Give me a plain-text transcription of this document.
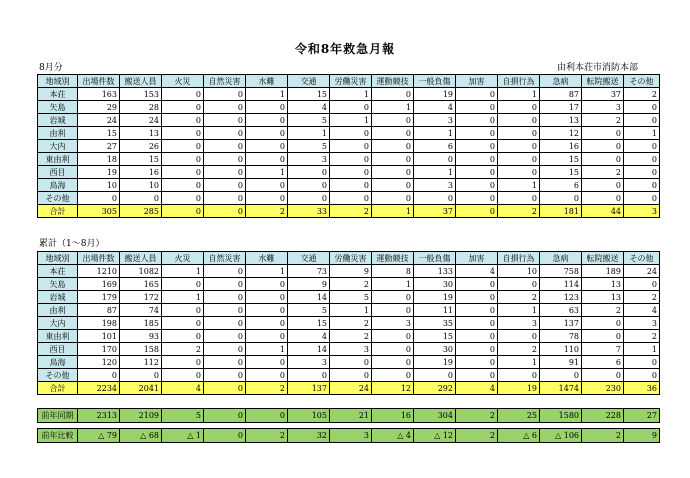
令和8年救急月報
8月分	由利本荘市消防本部
地域別	出場件数	搬送人員	火災	自然災害	水難	交通	労働災害	運動競技	一般負傷	加害	自損行為	急病	転院搬送	その他
本荘	163	153	0	0	1	15	1	0	19	0	1	87	37	2
矢島	29	28	0	0	0	4	0	1	4	0	0	17	3	0
岩城	24	24	0	0	0	5	1	0	3	0	0	13	2	0
由利	15	13	0	0	0	1	0	0	1	0	0	12	0	1
大内	27	26	0	0	0	5	0	0	6	0	0	16	0	0
東由利	18	15	0	0	0	3	0	0	0	0	0	15	0	0
西目	19	16	0	0	1	0	0	0	1	0	0	15	2	0
鳥海	10	10	0	0	0	0	0	0	3	0	1	6	0	0
その他	0	0	0	0	0	0	0	0	0	0	0	0	0	0
合計	305	285	0	0	2	33	2	1	37	0	2	181	44	3
累計（1～8月）
地域別	出場件数	搬送人員	火災	自然災害	水難	交通	労働災害	運動競技	一般負傷	加害	自損行為	急病	転院搬送	その他
本荘	1210	1082	1	0	1	73	9	8	133	4	10	758	189	24
矢島	169	165	0	0	0	9	2	1	30	0	0	114	13	0
岩城	179	172	1	0	0	14	5	0	19	0	2	123	13	2
由利	87	74	0	0	0	5	1	0	11	0	1	63	2	4
大内	198	185	0	0	0	15	2	3	35	0	3	137	0	3
東由利	101	93	0	0	0	4	2	0	15	0	0	78	0	2
西目	170	158	2	0	1	14	3	0	30	0	2	110	7	1
鳥海	120	112	0	0	0	3	0	0	19	0	1	91	6	0
その他	0	0	0	0	0	0	0	0	0	0	0	0	0	0
合計	2234	2041	4	0	2	137	24	12	292	4	19	1474	230	36
前年同期	2313	2109	5	0	0	105	21	16	304	2	25	1580	228	27

前年比較	△ 79	△ 68	△ 1	0	2	32	3	△ 4	△ 12	2	△ 6	△ 106	2	9
